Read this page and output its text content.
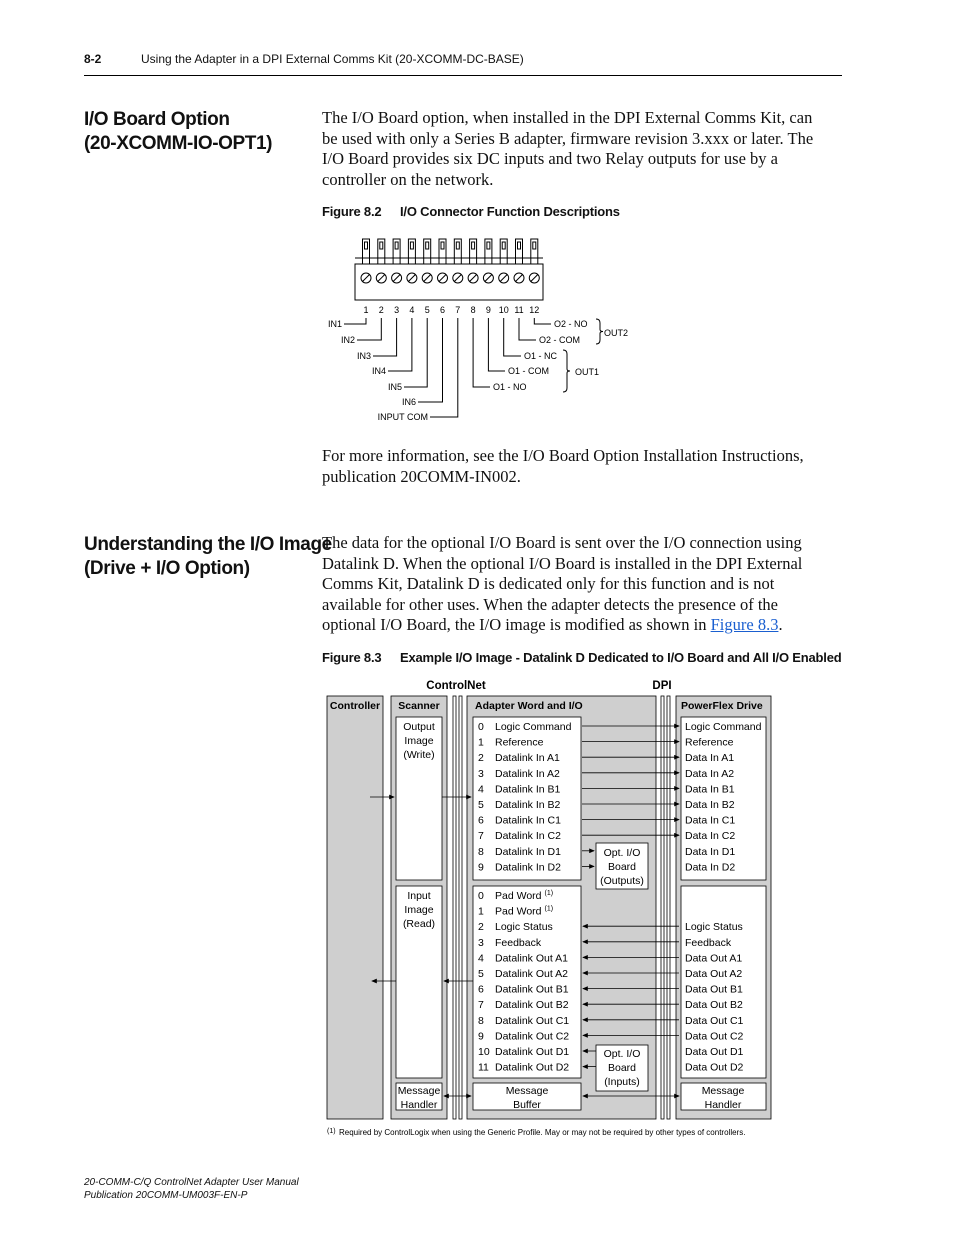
8-2	Using the Adapter in a DPI External Comms Kit (20-XCOMM-DC-BASE)
I/O Board Option
(20-XCOMM-IO-OPT1)
The I/O Board option, when installed in the DPI External Comms Kit, can
be used with only a Series B adapter, firmware revision 3.xxx or later. The
I/O Board provides six DC inputs and two Relay outputs for use by a
controller on the network.
Figure 8.2 I/O Connector Function Descriptions
1 2 3 4 5 6 7 8 9 10 11 12
IN1
IN2
IN3
IN4
IN5
IN6
INPUT COM
O2 - NO
O2 - COM
O1 - NC
O1 - COM
O1 - NO
OUT2
OUT1
For more information, see the I/O Board Option Installation Instructions,
publication 20COMM-IN002.
Understanding the I/O Image
(Drive + I/O Option)
The data for the optional I/O Board is sent over the I/O connection using
Datalink D. When the optional I/O Board is installed in the DPI External
Comms Kit, Datalink D is dedicated only for this function and is not
available for other uses. When the adapter detects the presence of the
optional I/O Board, the I/O image is modified as shown in Figure 8.3.
Figure 8.3 Example I/O Image - Datalink D Dedicated to I/O Board and All I/O Enabled
ControlNet	DPI
Controller Scanner	Adapter Word and I/O	PowerFlex Drive
Output
Image
(Write)
Input
Image
(Read)
Message
Handler
Message
Buffer
Opt. I/O
Board
(Outputs)
Opt. I/O
Board
(Inputs)
Message
Handler
0 Logic Command
1 Reference
2 Datalink In A1
3 Datalink In A2
4 Datalink In B1
5 Datalink In B2
6 Datalink In C1
7 Datalink In C2
8 Datalink In D1
9 Datalink In D2
Logic Command
Reference
Data In A1
Data In A2
Data In B1
Data In B2
Data In C1
Data In C2
Data In D1
Data In D2
0 Pad Word $^{(1)}$
1 Pad Word $^{(1)}$
2 Logic Status
3 Feedback
4 Datalink Out A1
5 Datalink Out A2
6 Datalink Out B1
7 Datalink Out B2
8 Datalink Out C1
9 Datalink Out C2
10 Datalink Out D1
11 Datalink Out D2
Logic Status
Feedback
Data Out A1
Data Out A2
Data Out B1
Data Out B2
Data Out C1
Data Out C2
Data Out D1
Data Out D2
(1) Required by ControlLogix when using the Generic Profile. May or may not be required by other types of controllers.
20-COMM-C/Q ControlNet Adapter User Manual
Publication 20COMM-UM003F-EN-P
